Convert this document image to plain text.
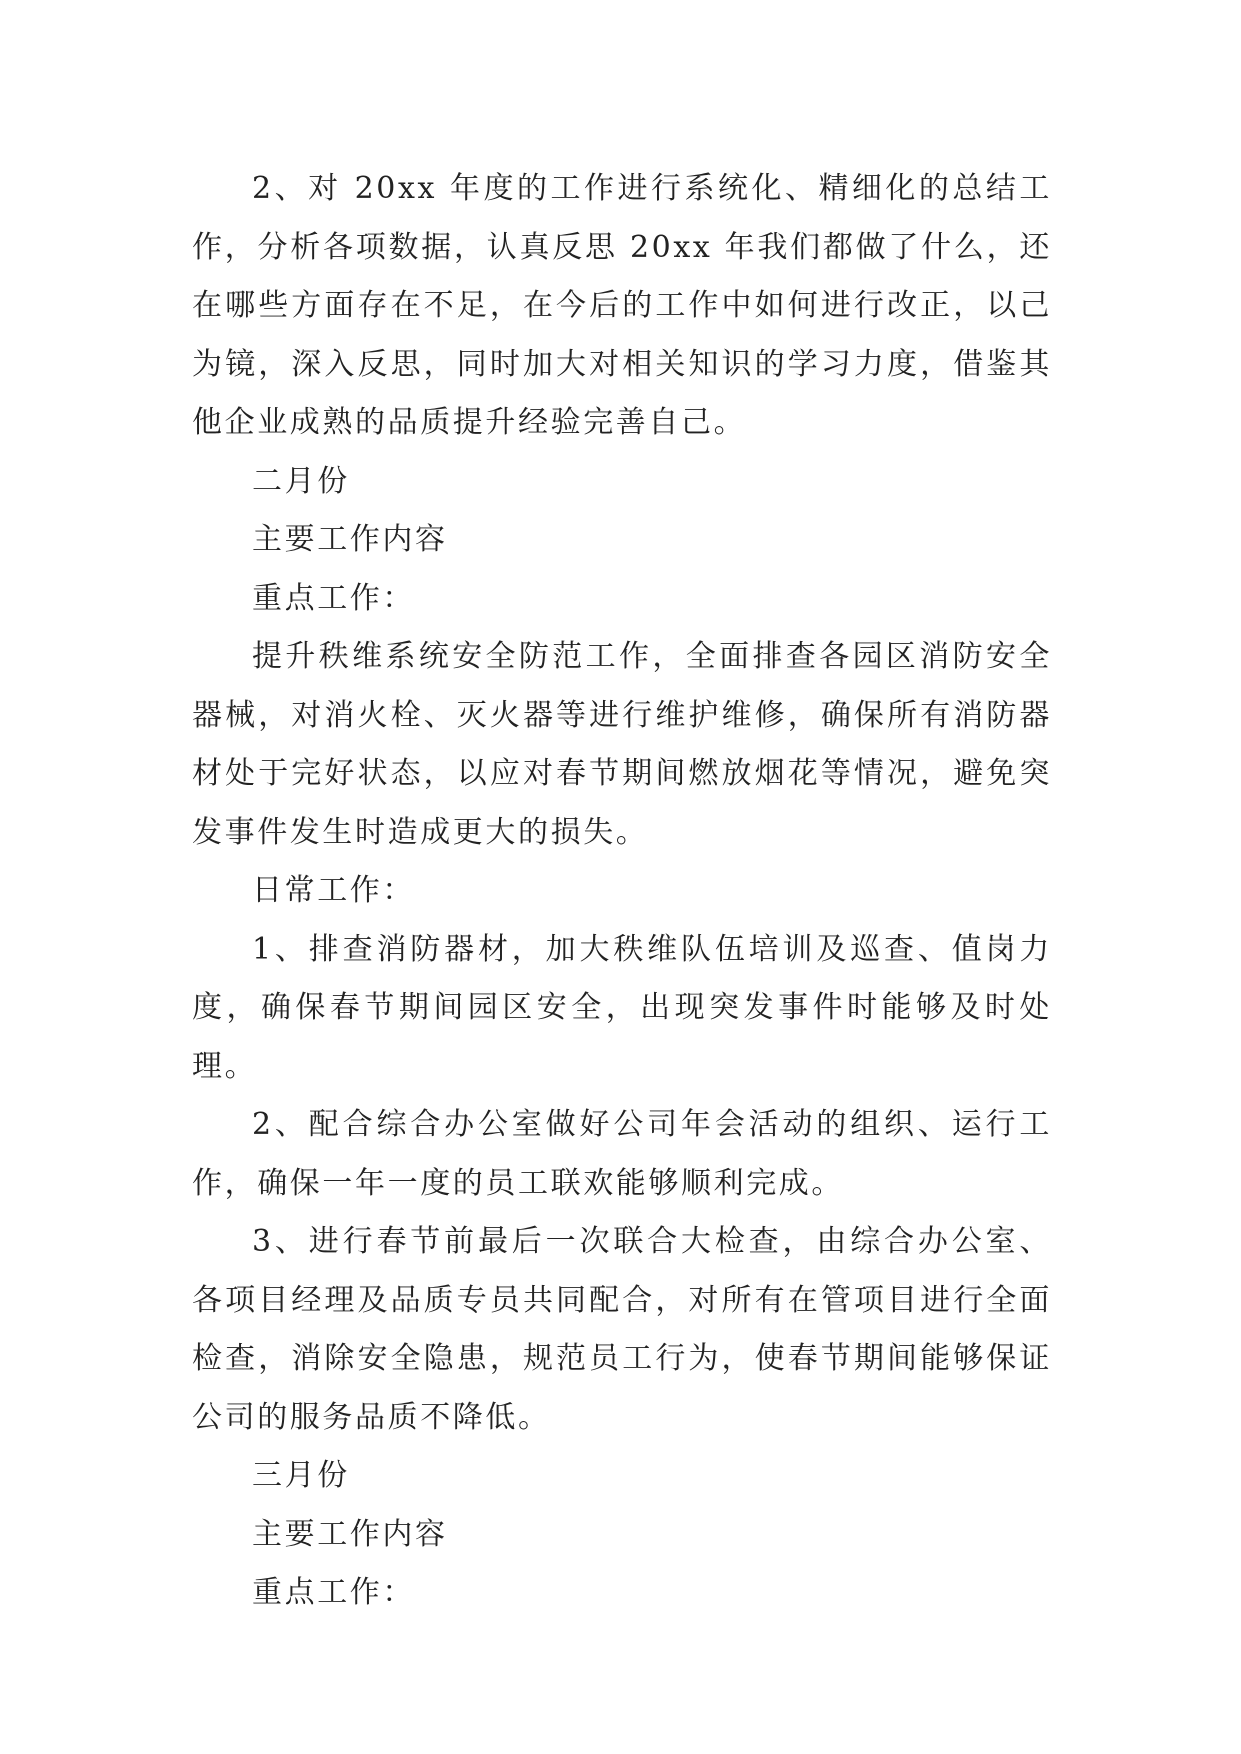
2、对 20xx 年度的工作进行系统化、精细化的总结工作，分析各项数据，认真反思 20xx 年我们都做了什么，还在哪些方面存在不足，在今后的工作中如何进行改正，以己为镜，深入反思，同时加大对相关知识的学习力度，借鉴其他企业成熟的品质提升经验完善自己。

二月份

主要工作内容

重点工作：

提升秩维系统安全防范工作，全面排查各园区消防安全器械，对消火栓、灭火器等进行维护维修，确保所有消防器材处于完好状态，以应对春节期间燃放烟花等情况，避免突发事件发生时造成更大的损失。

日常工作：

1、排查消防器材，加大秩维队伍培训及巡查、值岗力度，确保春节期间园区安全，出现突发事件时能够及时处理。

2、配合综合办公室做好公司年会活动的组织、运行工作，确保一年一度的员工联欢能够顺利完成。

3、进行春节前最后一次联合大检查，由综合办公室、各项目经理及品质专员共同配合，对所有在管项目进行全面检查，消除安全隐患，规范员工行为，使春节期间能够保证公司的服务品质不降低。

三月份

主要工作内容

重点工作：
